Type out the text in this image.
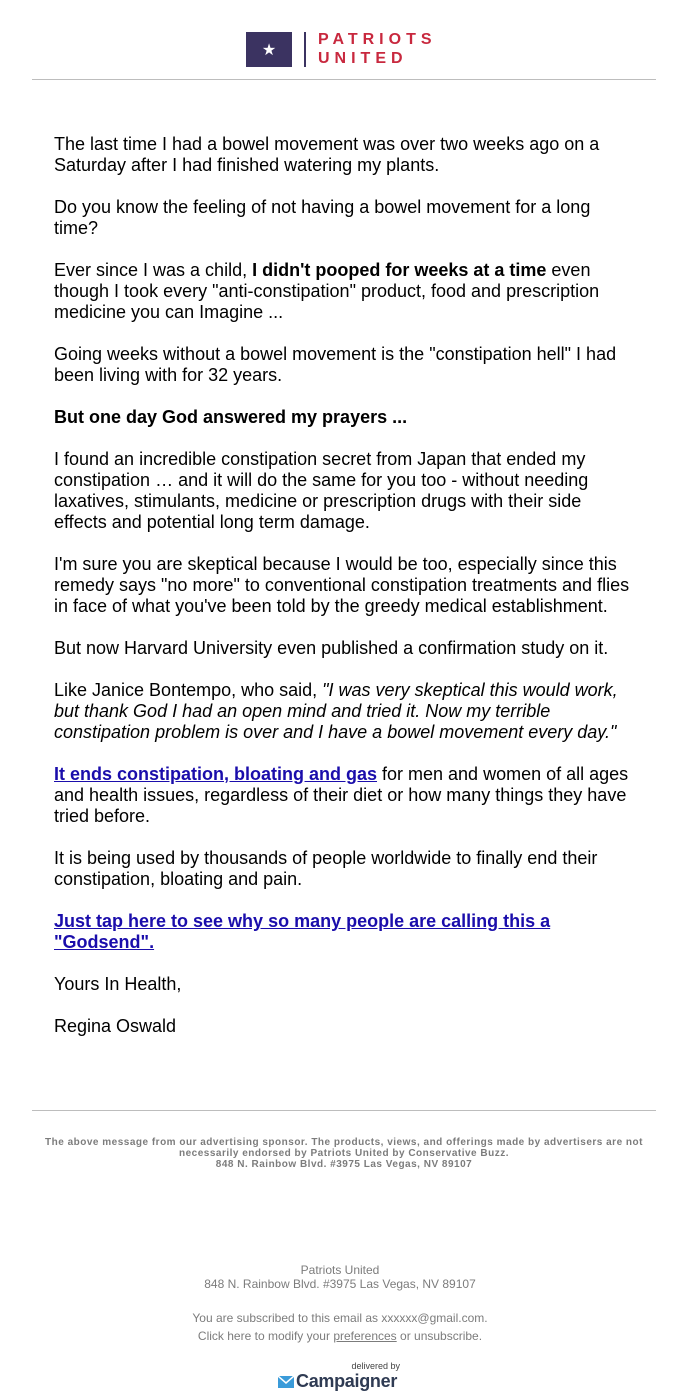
★
PATRIOTS
UNITED

The last time I had a bowel movement was over two weeks ago on a Saturday after I had finished watering my plants.

Do you know the feeling of not having a bowel movement for a long time?

Ever since I was a child, I didn't pooped for weeks at a time even though I took every "anti-constipation" product, food and prescription medicine you can Imagine ...

Going weeks without a bowel movement is the "constipation hell" I had been living with for 32 years.

But one day God answered my prayers ...

I found an incredible constipation secret from Japan that ended my constipation … and it will do the same for you too - without needing laxatives, stimulants, medicine or prescription drugs with their side effects and potential long term damage.

I'm sure you are skeptical because I would be too, especially since this remedy says "no more" to conventional constipation treatments and flies in face of what you've been told by the greedy medical establishment.

But now Harvard University even published a confirmation study on it.

Like Janice Bontempo, who said, "I was very skeptical this would work, but thank God I had an open mind and tried it. Now my terrible constipation problem is over and I have a bowel movement every day."

It ends constipation, bloating and gas for men and women of all ages and health issues, regardless of their diet or how many things they have tried before.

It is being used by thousands of people worldwide to finally end their constipation, bloating and pain.

Just tap here to see why so many people are calling this a "Godsend".

Yours In Health,

Regina Oswald

The above message from our advertising sponsor. The products, views, and offerings made by advertisers are not necessarily endorsed by Patriots United by Conservative Buzz.
848 N. Rainbow Blvd. #3975 Las Vegas, NV 89107
Patriots United
848 N. Rainbow Blvd. #3975 Las Vegas, NV 89107
You are subscribed to this email as xxxxxx@gmail.com.
Click here to modify your preferences or unsubscribe.
delivered by
Campaigner
